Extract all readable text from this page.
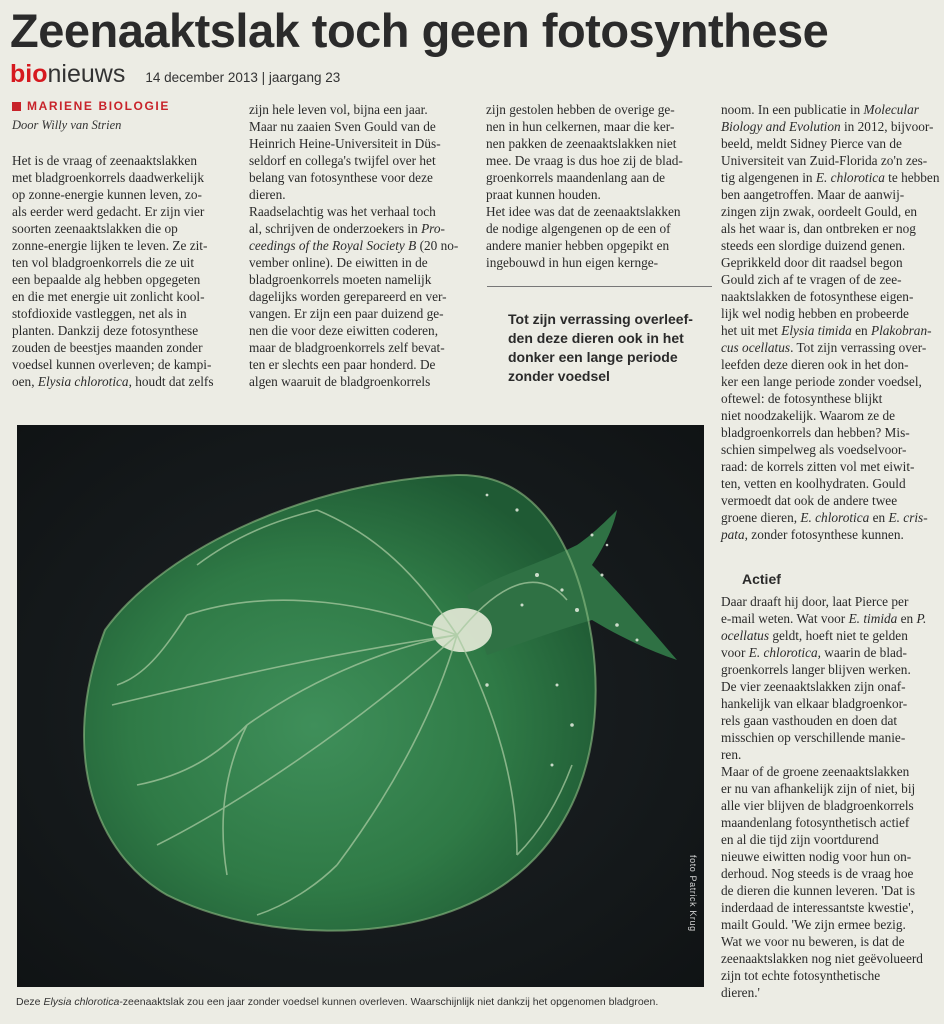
Zeenaaktslak toch geen fotosynthese
bionieuws 14 december 2013 | jaargang 23
MARIENE BIOLOGIE
Door Willy van Strien
Het is de vraag of zeenaaktslakken
met bladgroenkorrels daadwerkelijk
op zonne-energie kunnen leven, zo-
als eerder werd gedacht. Er zijn vier
soorten zeenaaktslakken die op
zonne-energie lijken te leven. Ze zit-
ten vol bladgroenkorrels die ze uit
een bepaalde alg hebben opgegeten
en die met energie uit zonlicht kool-
stofdioxide vastleggen, net als in
planten. Dankzij deze fotosynthese
zouden de beestjes maanden zonder
voedsel kunnen overleven; de kampi-
oen, Elysia chlorotica, houdt dat zelfs
zijn hele leven vol, bijna een jaar.
Maar nu zaaien Sven Gould van de
Heinrich Heine-Universiteit in Düs-
seldorf en collega's twijfel over het
belang van fotosynthese voor deze
dieren.
Raadselachtig was het verhaal toch
al, schrijven de onderzoekers in Pro-
ceedings of the Royal Society B (20 no-
vember online). De eiwitten in de
bladgroenkorrels moeten namelijk
dagelijks worden gerepareerd en ver-
vangen. Er zijn een paar duizend ge-
nen die voor deze eiwitten coderen,
maar de bladgroenkorrels zelf bevat-
ten er slechts een paar honderd. De
algen waaruit de bladgroenkorrels
zijn gestolen hebben de overige ge-
nen in hun celkernen, maar die ker-
nen pakken de zeenaaktslakken niet
mee. De vraag is dus hoe zij de blad-
groenkorrels maandenlang aan de
praat kunnen houden.
Het idee was dat de zeenaaktslakken
de nodige algengenen op de een of
andere manier hebben opgepikt en
ingebouwd in hun eigen kernge-
Tot zijn verrassing overleef-
den deze dieren ook in het
donker een lange periode
zonder voedsel
noom. In een publicatie in Molecular
Biology and Evolution in 2012, bijvoor-
beeld, meldt Sidney Pierce van de
Universiteit van Zuid-Florida zo'n zes-
tig algengenen in E. chlorotica te hebben
ben aangetroffen. Maar de aanwij-
zingen zijn zwak, oordeelt Gould, en
als het waar is, dan ontbreken er nog
steeds een slordige duizend genen.
Geprikkeld door dit raadsel begon
Gould zich af te vragen of de zee-
naaktslakken de fotosynthese eigen-
lijk wel nodig hebben en probeerde
het uit met Elysia timida en Plakobran-
cus ocellatus. Tot zijn verrassing over-
leefden deze dieren ook in het don-
ker een lange periode zonder voedsel,
oftewel: de fotosynthese blijkt
niet noodzakelijk. Waarom ze de
bladgroenkorrels dan hebben? Mis-
schien simpelweg als voedselvoor-
raad: de korrels zitten vol met eiwit-
ten, vetten en koolhydraten. Gould
vermoedt dat ook de andere twee
groene dieren, E. chlorotica en E. cris-
pata, zonder fotosynthese kunnen.
Actief
Daar draaft hij door, laat Pierce per
e-mail weten. Wat voor E. timida en P.
ocellatus geldt, hoeft niet te gelden
voor E. chlorotica, waarin de blad-
groenkorrels langer blijven werken.
De vier zeenaaktslakken zijn onaf-
hankelijk van elkaar bladgroenkor-
rels gaan vasthouden en doen dat
misschien op verschillende manie-
ren.
Maar of de groene zeenaaktslakken
er nu van afhankelijk zijn of niet, bij
alle vier blijven de bladgroenkorrels
maandenlang fotosynthetisch actief
en al die tijd zijn voortdurend
nieuwe eiwitten nodig voor hun on-
derhoud. Nog steeds is de vraag hoe
de dieren die kunnen leveren. 'Dat is
inderdaad de interessantste kwestie',
mailt Gould. 'We zijn ermee bezig.
Wat we voor nu beweren, is dat de
zeenaaktslakken nog niet geëvolueerd
zijn tot echte fotosynthetische
dieren.'
foto Patrick Krug
Deze Elysia chlorotica-zeenaaktslak zou een jaar zonder voedsel kunnen overleven. Waarschijnlijk niet dankzij het opgenomen bladgroen.
